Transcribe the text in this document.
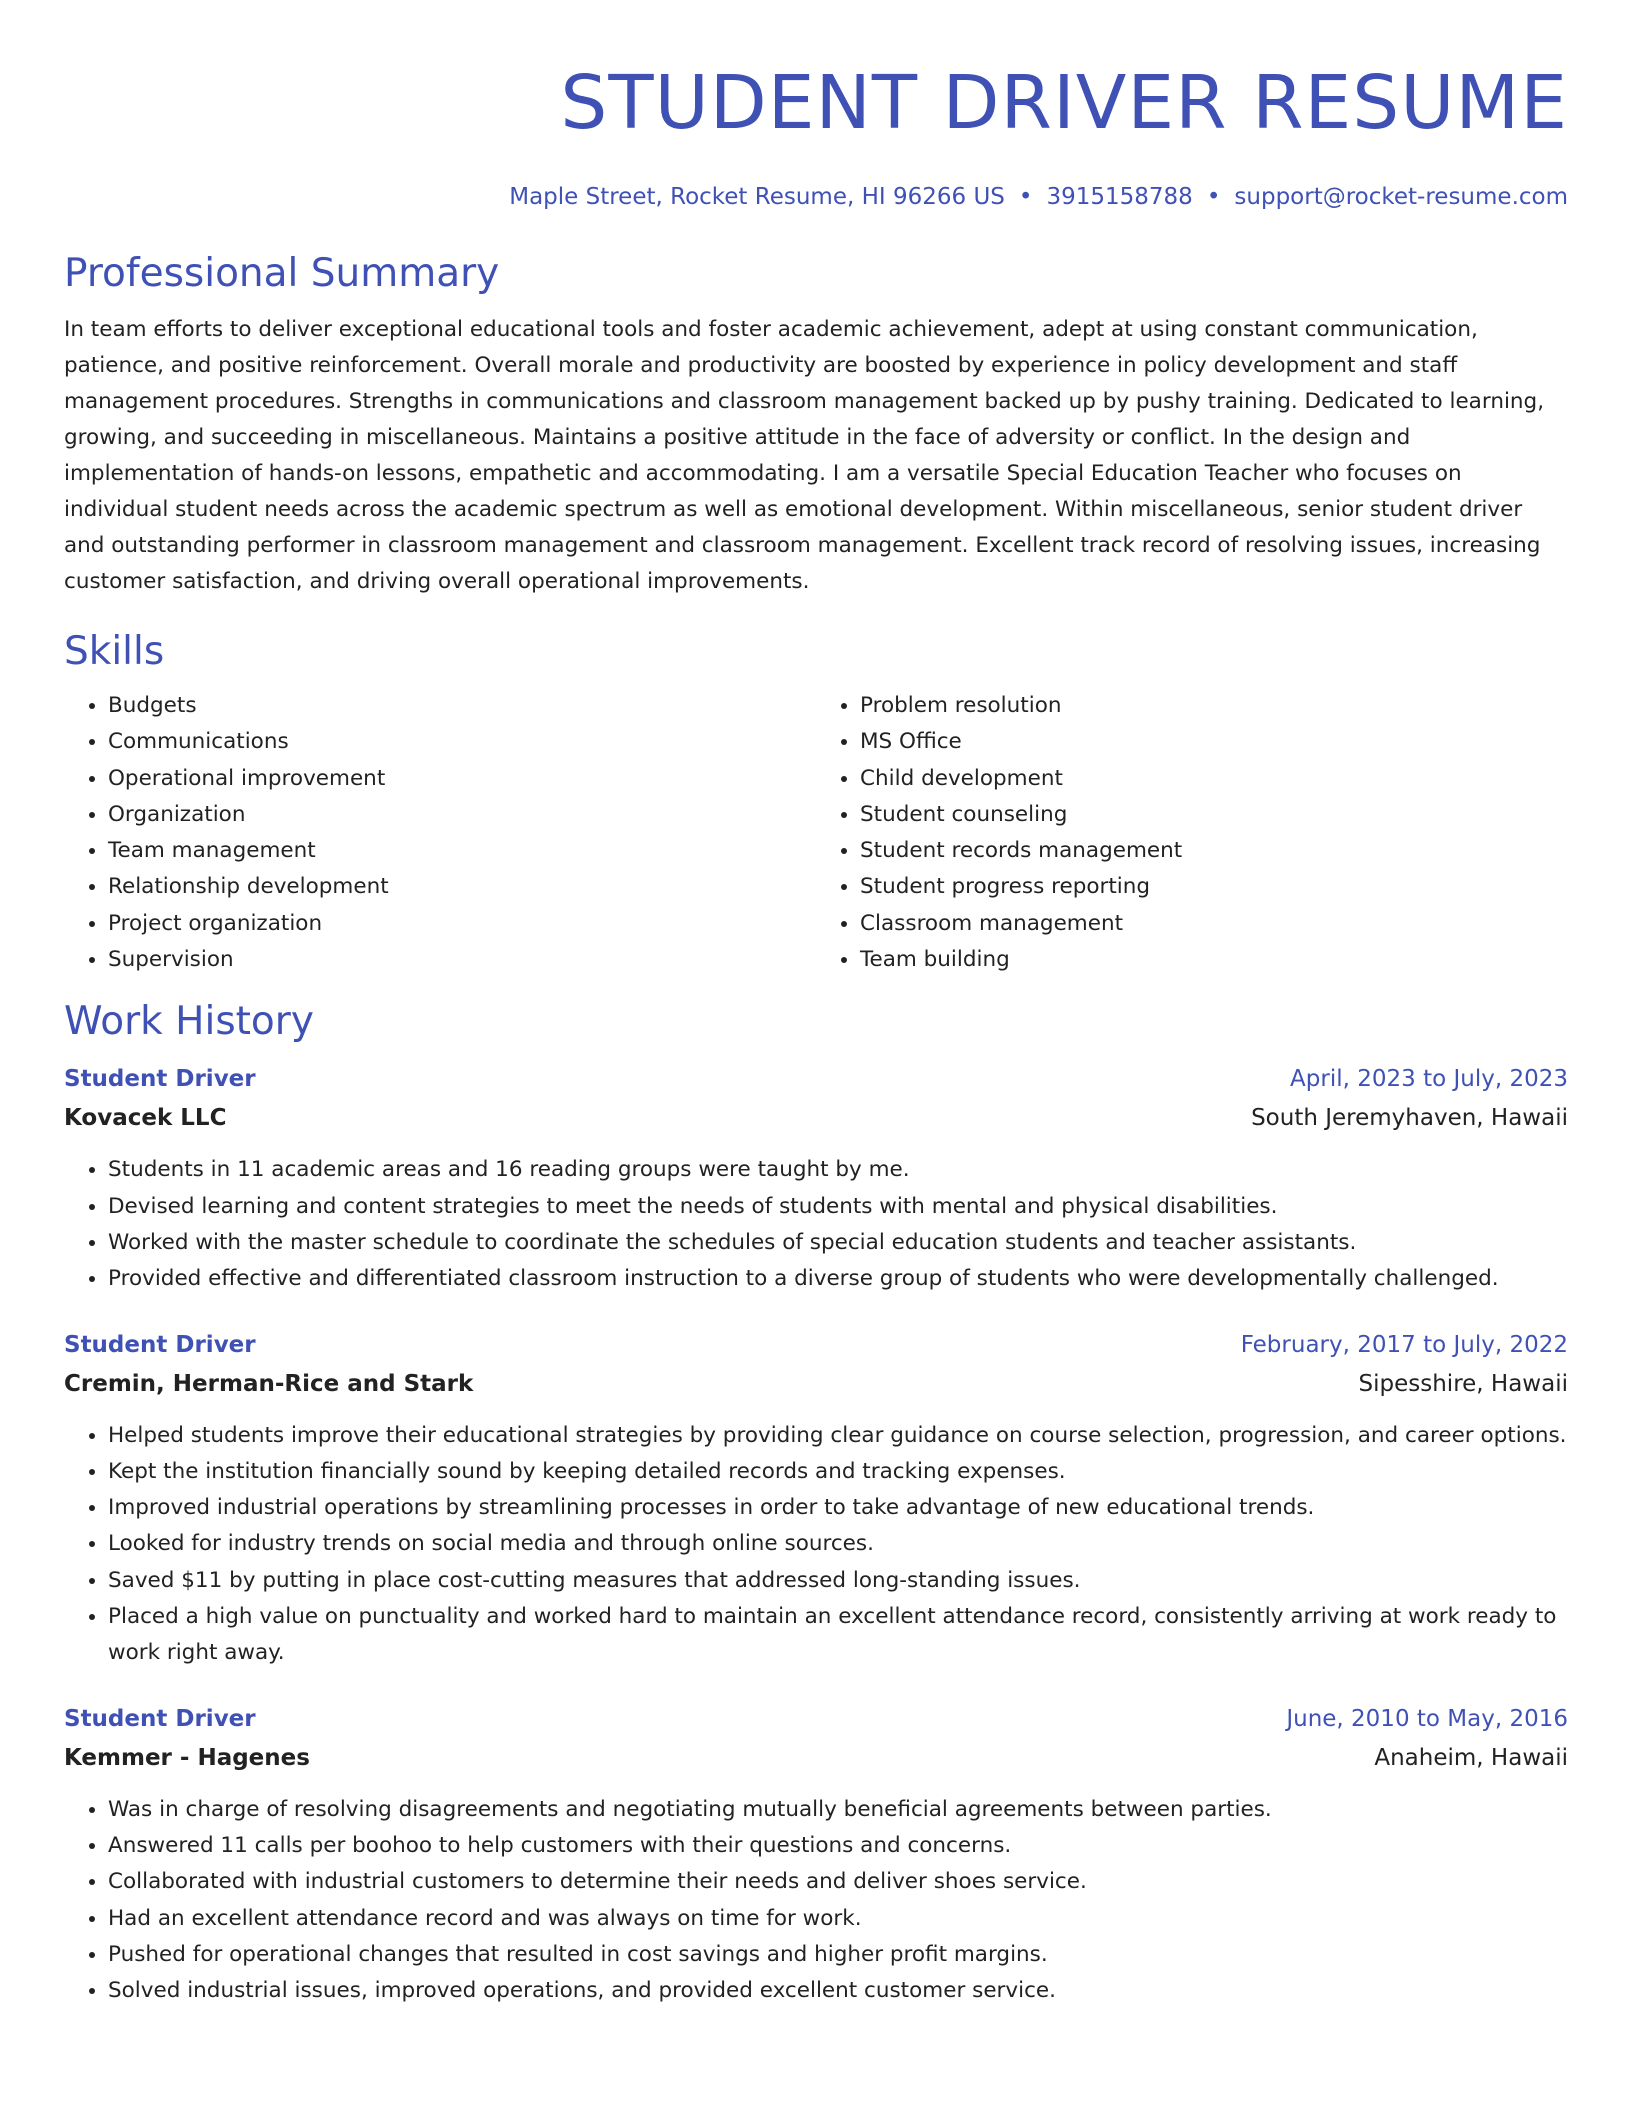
STUDENT DRIVER RESUME
Maple Street, Rocket Resume, HI 96266 US • 3915158788 • support@rocket-resume.com
Professional Summary
In team efforts to deliver exceptional educational tools and foster academic achievement, adept at using constant communication, patience, and positive reinforcement. Overall morale and productivity are boosted by experience in policy development and staff management procedures. Strengths in communications and classroom management backed up by pushy training. Dedicated to learning, growing, and succeeding in miscellaneous. Maintains a positive attitude in the face of adversity or conflict. In the design and implementation of hands-on lessons, empathetic and accommodating. I am a versatile Special Education Teacher who focuses on individual student needs across the academic spectrum as well as emotional development. Within miscellaneous, senior student driver and outstanding performer in classroom management and classroom management. Excellent track record of resolving issues, increasing customer satisfaction, and driving overall operational improvements.
Skills
• Budgets
• Communications
• Operational improvement
• Organization
• Team management
• Relationship development
• Project organization
• Supervision
• Problem resolution
• MS Office
• Child development
• Student counseling
• Student records management
• Student progress reporting
• Classroom management
• Team building
Work History
Student Driver	April, 2023 to July, 2023
Kovacek LLC	South Jeremyhaven, Hawaii
• Students in 11 academic areas and 16 reading groups were taught by me.
• Devised learning and content strategies to meet the needs of students with mental and physical disabilities.
• Worked with the master schedule to coordinate the schedules of special education students and teacher assistants.
• Provided effective and differentiated classroom instruction to a diverse group of students who were developmentally challenged.
Student Driver	February, 2017 to July, 2022
Cremin, Herman-Rice and Stark	Sipesshire, Hawaii
• Helped students improve their educational strategies by providing clear guidance on course selection, progression, and career options.
• Kept the institution financially sound by keeping detailed records and tracking expenses.
• Improved industrial operations by streamlining processes in order to take advantage of new educational trends.
• Looked for industry trends on social media and through online sources.
• Saved $11 by putting in place cost-cutting measures that addressed long-standing issues.
• Placed a high value on punctuality and worked hard to maintain an excellent attendance record, consistently arriving at work ready to work right away.
Student Driver	June, 2010 to May, 2016
Kemmer - Hagenes	Anaheim, Hawaii
• Was in charge of resolving disagreements and negotiating mutually beneficial agreements between parties.
• Answered 11 calls per boohoo to help customers with their questions and concerns.
• Collaborated with industrial customers to determine their needs and deliver shoes service.
• Had an excellent attendance record and was always on time for work.
• Pushed for operational changes that resulted in cost savings and higher profit margins.
• Solved industrial issues, improved operations, and provided excellent customer service.
